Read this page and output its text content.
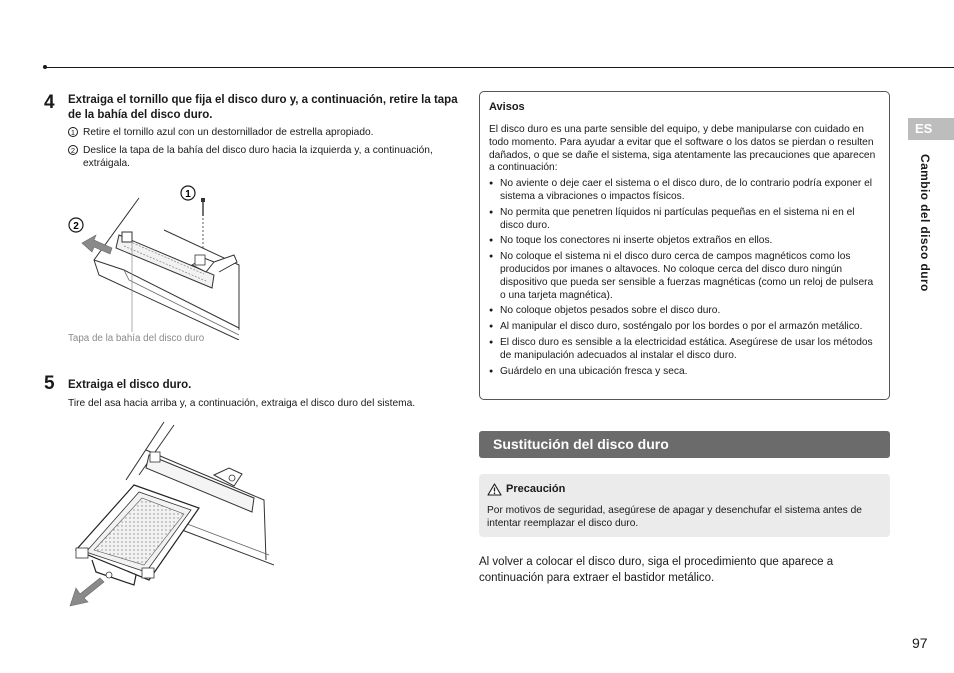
4 Extraiga el tornillo que fija el disco duro y, a continuación, retire la tapa de la bahía del disco duro.
1 Retire el tornillo azul con un destornillador de estrella apropiado.
2 Deslice la tapa de la bahía del disco duro hacia la izquierda y, a continuación, extráigala.
1
2
Tapa de la bahía del disco duro
5 Extraiga el disco duro.
Tire del asa hacia arriba y, a continuación, extraiga el disco duro del sistema.
Avisos
El disco duro es una parte sensible del equipo, y debe manipularse con cuidado en todo momento. Para ayudar a evitar que el software o los datos se pierdan o resulten dañados, o que se dañe el sistema, siga atentamente las precauciones que aparecen a continuación:
● No aviente o deje caer el sistema o el disco duro, de lo contrario podría exponer el sistema a vibraciones o impactos físicos.
● No permita que penetren líquidos ni partículas pequeñas en el sistema ni en el disco duro.
● No toque los conectores ni inserte objetos extraños en ellos.
● No coloque el sistema ni el disco duro cerca de campos magnéticos como los producidos por imanes o altavoces. No coloque cerca del disco duro ningún dispositivo que pueda ser sensible a fuerzas magnéticas (como un reloj de pulsera o una tarjeta magnética).
● No coloque objetos pesados sobre el disco duro.
● Al manipular el disco duro, sosténgalo por los bordes o por el armazón metálico.
● El disco duro es sensible a la electricidad estática. Asegúrese de usar los métodos de manipulación adecuados al instalar el disco duro.
● Guárdelo en una ubicación fresca y seca.
Sustitución del disco duro
Precaución
Por motivos de seguridad, asegúrese de apagar y desenchufar el sistema antes de intentar reemplazar el disco duro.
Al volver a colocar el disco duro, siga el procedimiento que aparece a continuación para extraer el bastidor metálico.
ES
Cambio del disco duro
97
